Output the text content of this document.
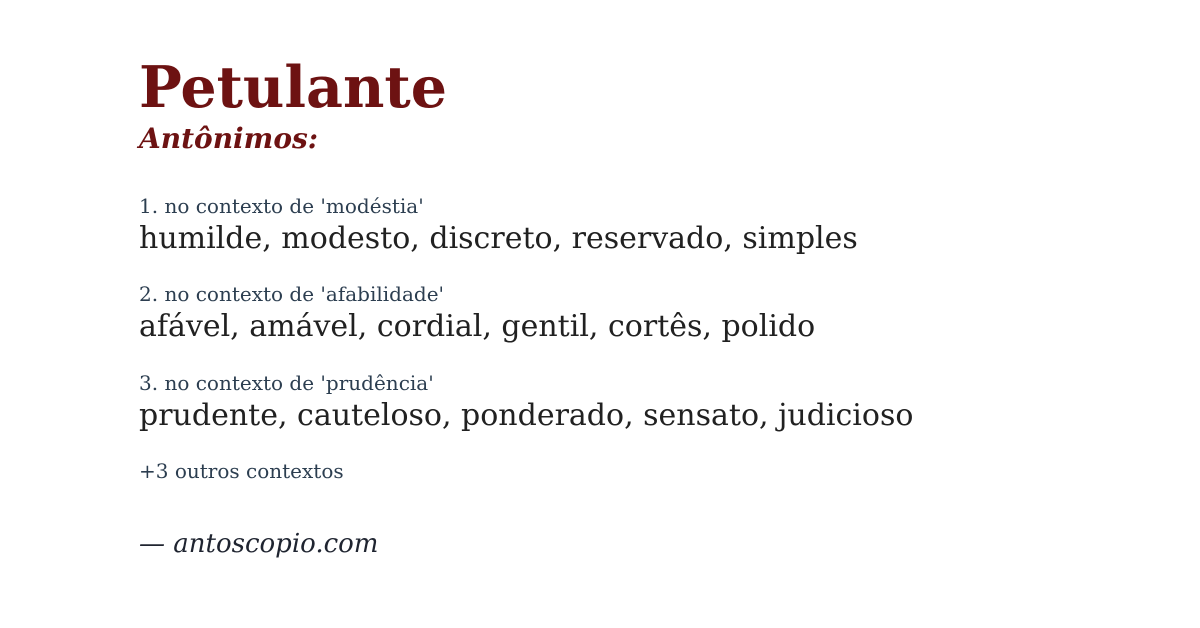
Petulante
Antônimos:
1. no contexto de 'modéstia'
humilde, modesto, discreto, reservado, simples
2. no contexto de 'afabilidade'
afável, amável, cordial, gentil, cortês, polido
3. no contexto de 'prudência'
prudente, cauteloso, ponderado, sensato, judicioso
+3 outros contextos
— antoscopio.com
